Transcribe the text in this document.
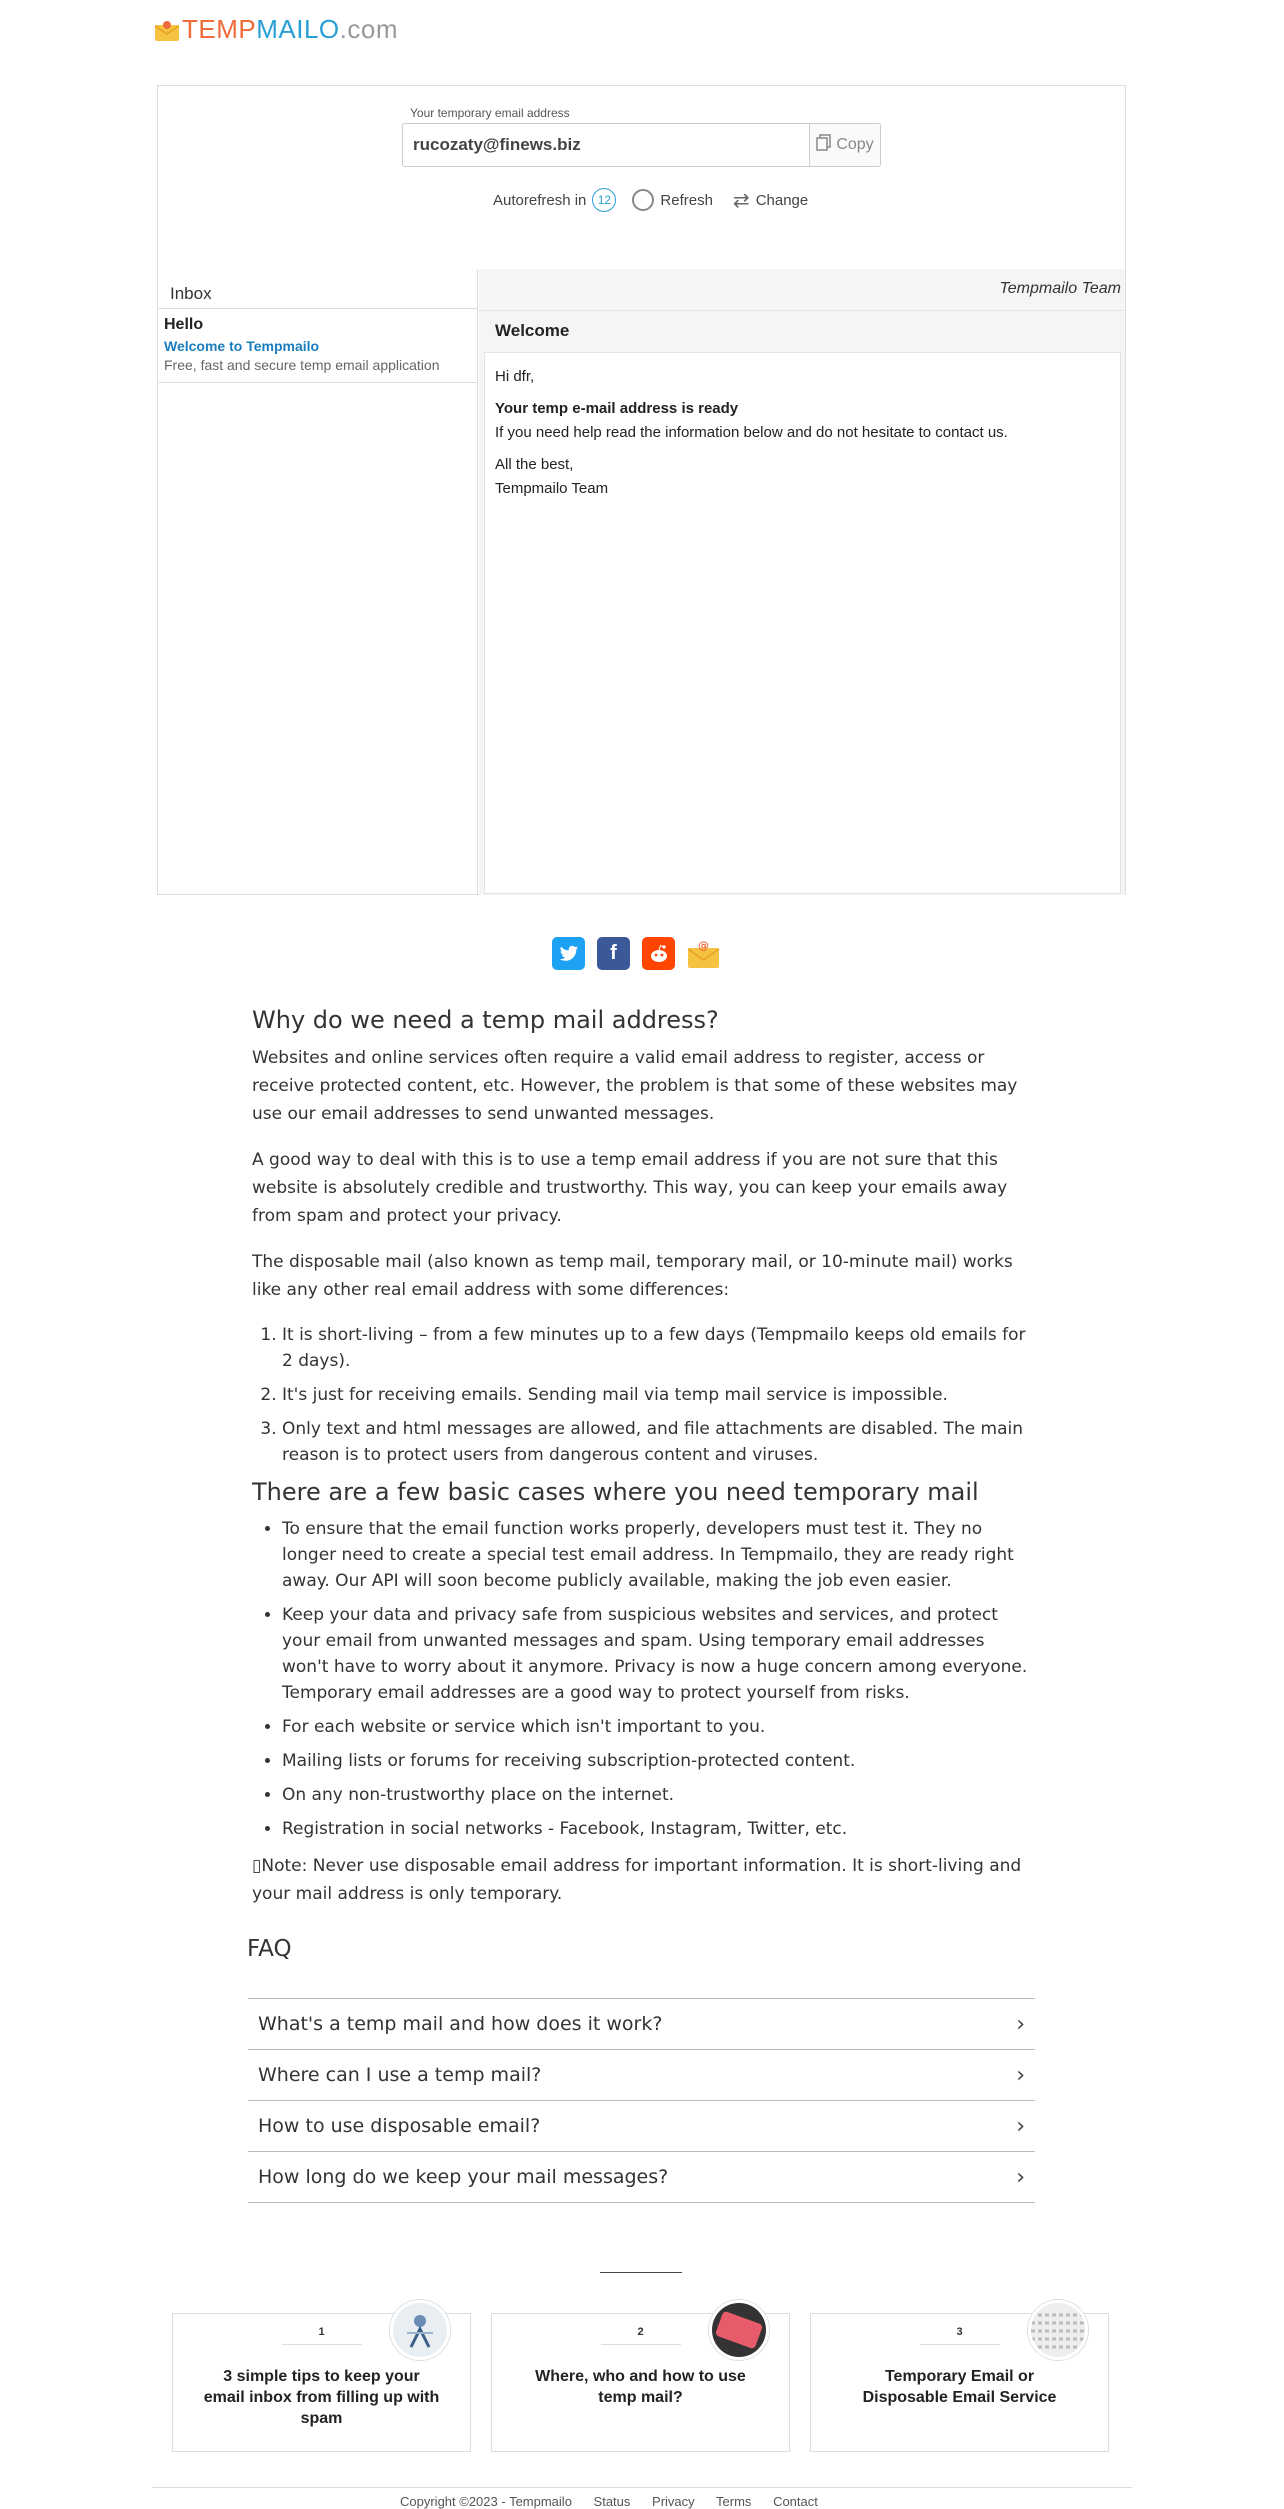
TEMP MAILO .com
Your temporary email address
rucozaty@finews.biz	Copy
Autorefresh in 12	Refresh ⇄ Change
Inbox
Hello
Welcome to Tempmailo
Free, fast and secure temp email application
Tempmailo Team
Welcome
Hi dfr,
Your temp e-mail address is ready
If you need help read the information below and do not hesitate to contact us.
All the best,
Tempmailo Team
f	@
Why do we need a temp mail address?

Websites and online services often require a valid email address to register, access or receive protected content, etc. However, the problem is that some of these websites may use our email addresses to send unwanted messages.

A good way to deal with this is to use a temp email address if you are not sure that this website is absolutely credible and trustworthy. This way, you can keep your emails away from spam and protect your privacy.

The disposable mail (also known as temp mail, temporary mail, or 10-minute mail) works like any other real email address with some differences:

1. It is short-living – from a few minutes up to a few days (Tempmailo keeps old emails for 2 days).
2. It's just for receiving emails. Sending mail via temp mail service is impossible.
3. Only text and html messages are allowed, and file attachments are disabled. The main reason is to protect users from dangerous content and viruses.
There are a few basic cases where you need temporary mail
• To ensure that the email function works properly, developers must test it. They no longer need to create a special test email address. In Tempmailo, they are ready right away. Our API will soon become publicly available, making the job even easier.
• Keep your data and privacy safe from suspicious websites and services, and protect your email from unwanted messages and spam. Using temporary email addresses won't have to worry about it anymore. Privacy is now a huge concern among everyone. Temporary email addresses are a good way to protect yourself from risks.
• For each website or service which isn't important to you.
• Mailing lists or forums for receiving subscription-protected content.
• On any non-trustworthy place on the internet.
• Registration in social networks - Facebook, Instagram, Twitter, etc.

▯Note: Never use disposable email address for important information. It is short-living and your mail address is only temporary.

FAQ
What's a temp mail and how does it work?	›
Where can I use a temp mail?	›
How to use disposable email?	›
How long do we keep your mail messages?	›
1
3 simple tips to keep your email inbox from filling up with spam
2
Where, who and how to use temp mail?
3
Temporary Email or Disposable Email Service
Copyright ©2023 - Tempmailo Status Privacy Terms Contact
